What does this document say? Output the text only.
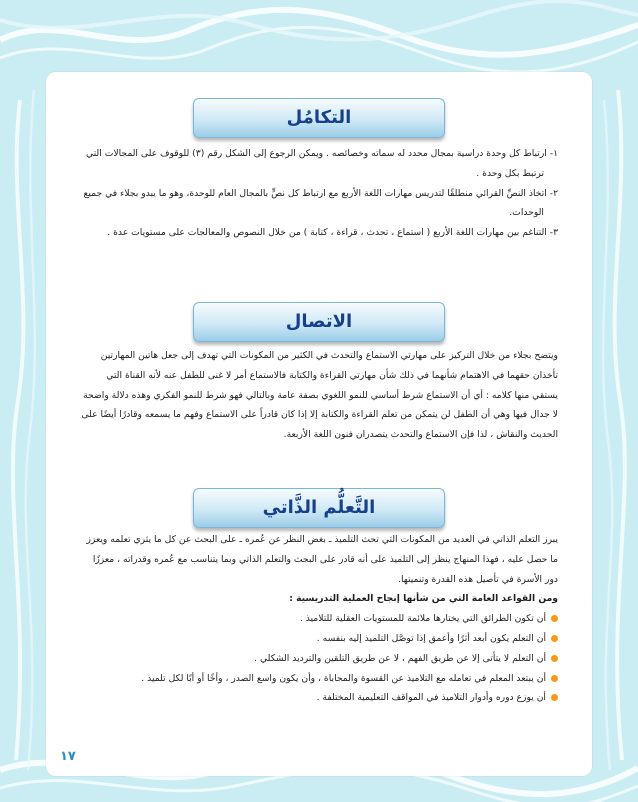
التكامُل

١- ارتباط كل وحدة دراسية بمجال محدد له سماته وخصائصه . ويمكن الرجوع إلى الشكل رقم (٣) للوقوف على المجالات التي ترتبط بكل وحدة .

٢- اتخاذ النصِّ القرائي منطلقًا لتدريس مهارات اللغة الأربع مع ارتباط كل نصٍّ بالمجال العام للوحدة، وهو ما يبدو بجلاء في جميع الوحدات.

٣- التناغم بين مهارات اللغة الأربع ( استماع ، تحدث ، قراءة ، كتابة ) من خلال النصوص والمعالجات على مستويات عدة .

الاتصال

ويتضح بجلاء من خلال التركيز على مهارتي الاستماع والتحدث في الكثير من المكونات التي تهدف إلى جعل هاتين المهارتين تأخذان حقهما في الاهتمام شأنهما في ذلك شأن مهارتي القراءة والكتابة فالاستماع أمر لا غنى للطفل عنه لأنه القناة التي يستقي منها كلامه : أي أن الاستماع شرط أساسي للنمو اللغوي بصفة عامة وبالتالي فهو شرط للنمو الفكري وهذه دلالة واضحة لا جدال فيها وهي أن الطفل لن يتمكن من تعلم القراءة والكتابة إلا إذا كان قادراً على الاستماع وفهم ما يسمعه وقادرًا أيضًا على الحديث والنقاش ، لذا فإن الاستماع والتحدث يتصدران فنون اللغة الأربعة.

التَّعلُّم الذَّاتي

يبرز التعلم الذاتي في العديد من المكونات التي تحث التلميذ ـ بغض النظر عن عُمره ـ على البحث عن كل ما يثري تعلمه ويعزز ما حصل عليه ، فهذا المنهاج ينظر إلى التلميذ على أنه قادر على البحث والتعلم الذاتي وبما يتناسب مع عُمره وقدراته ، معززًا دور الأسرة في تأصيل هذه القدرة وتنميتها.

ومن القواعد العامة التي من شأنها إنجاح العملية التدريسية :

أن تكون الطرائق التي يختارها ملائمة للمستويات العقلية للتلاميذ .
أن التعلم يكون أبعد أثرًا وأعمق إذا توصَّل التلميذ إليه بنفسه .
أن التعلم لا يتأتى إلا عن طريق الفهم ، لا عن طريق التلقين والترديد الشكلي .
أن يبتعد المعلم في تعامله مع التلاميذ عن القسوة والمحاباة ، وأن يكون واسع الصدر ، وأخًا أو أبًا لكل تلميذ .
أن يوزع دوره وأدوار التلاميذ في المواقف التعليمية المختلفة .
١٧
